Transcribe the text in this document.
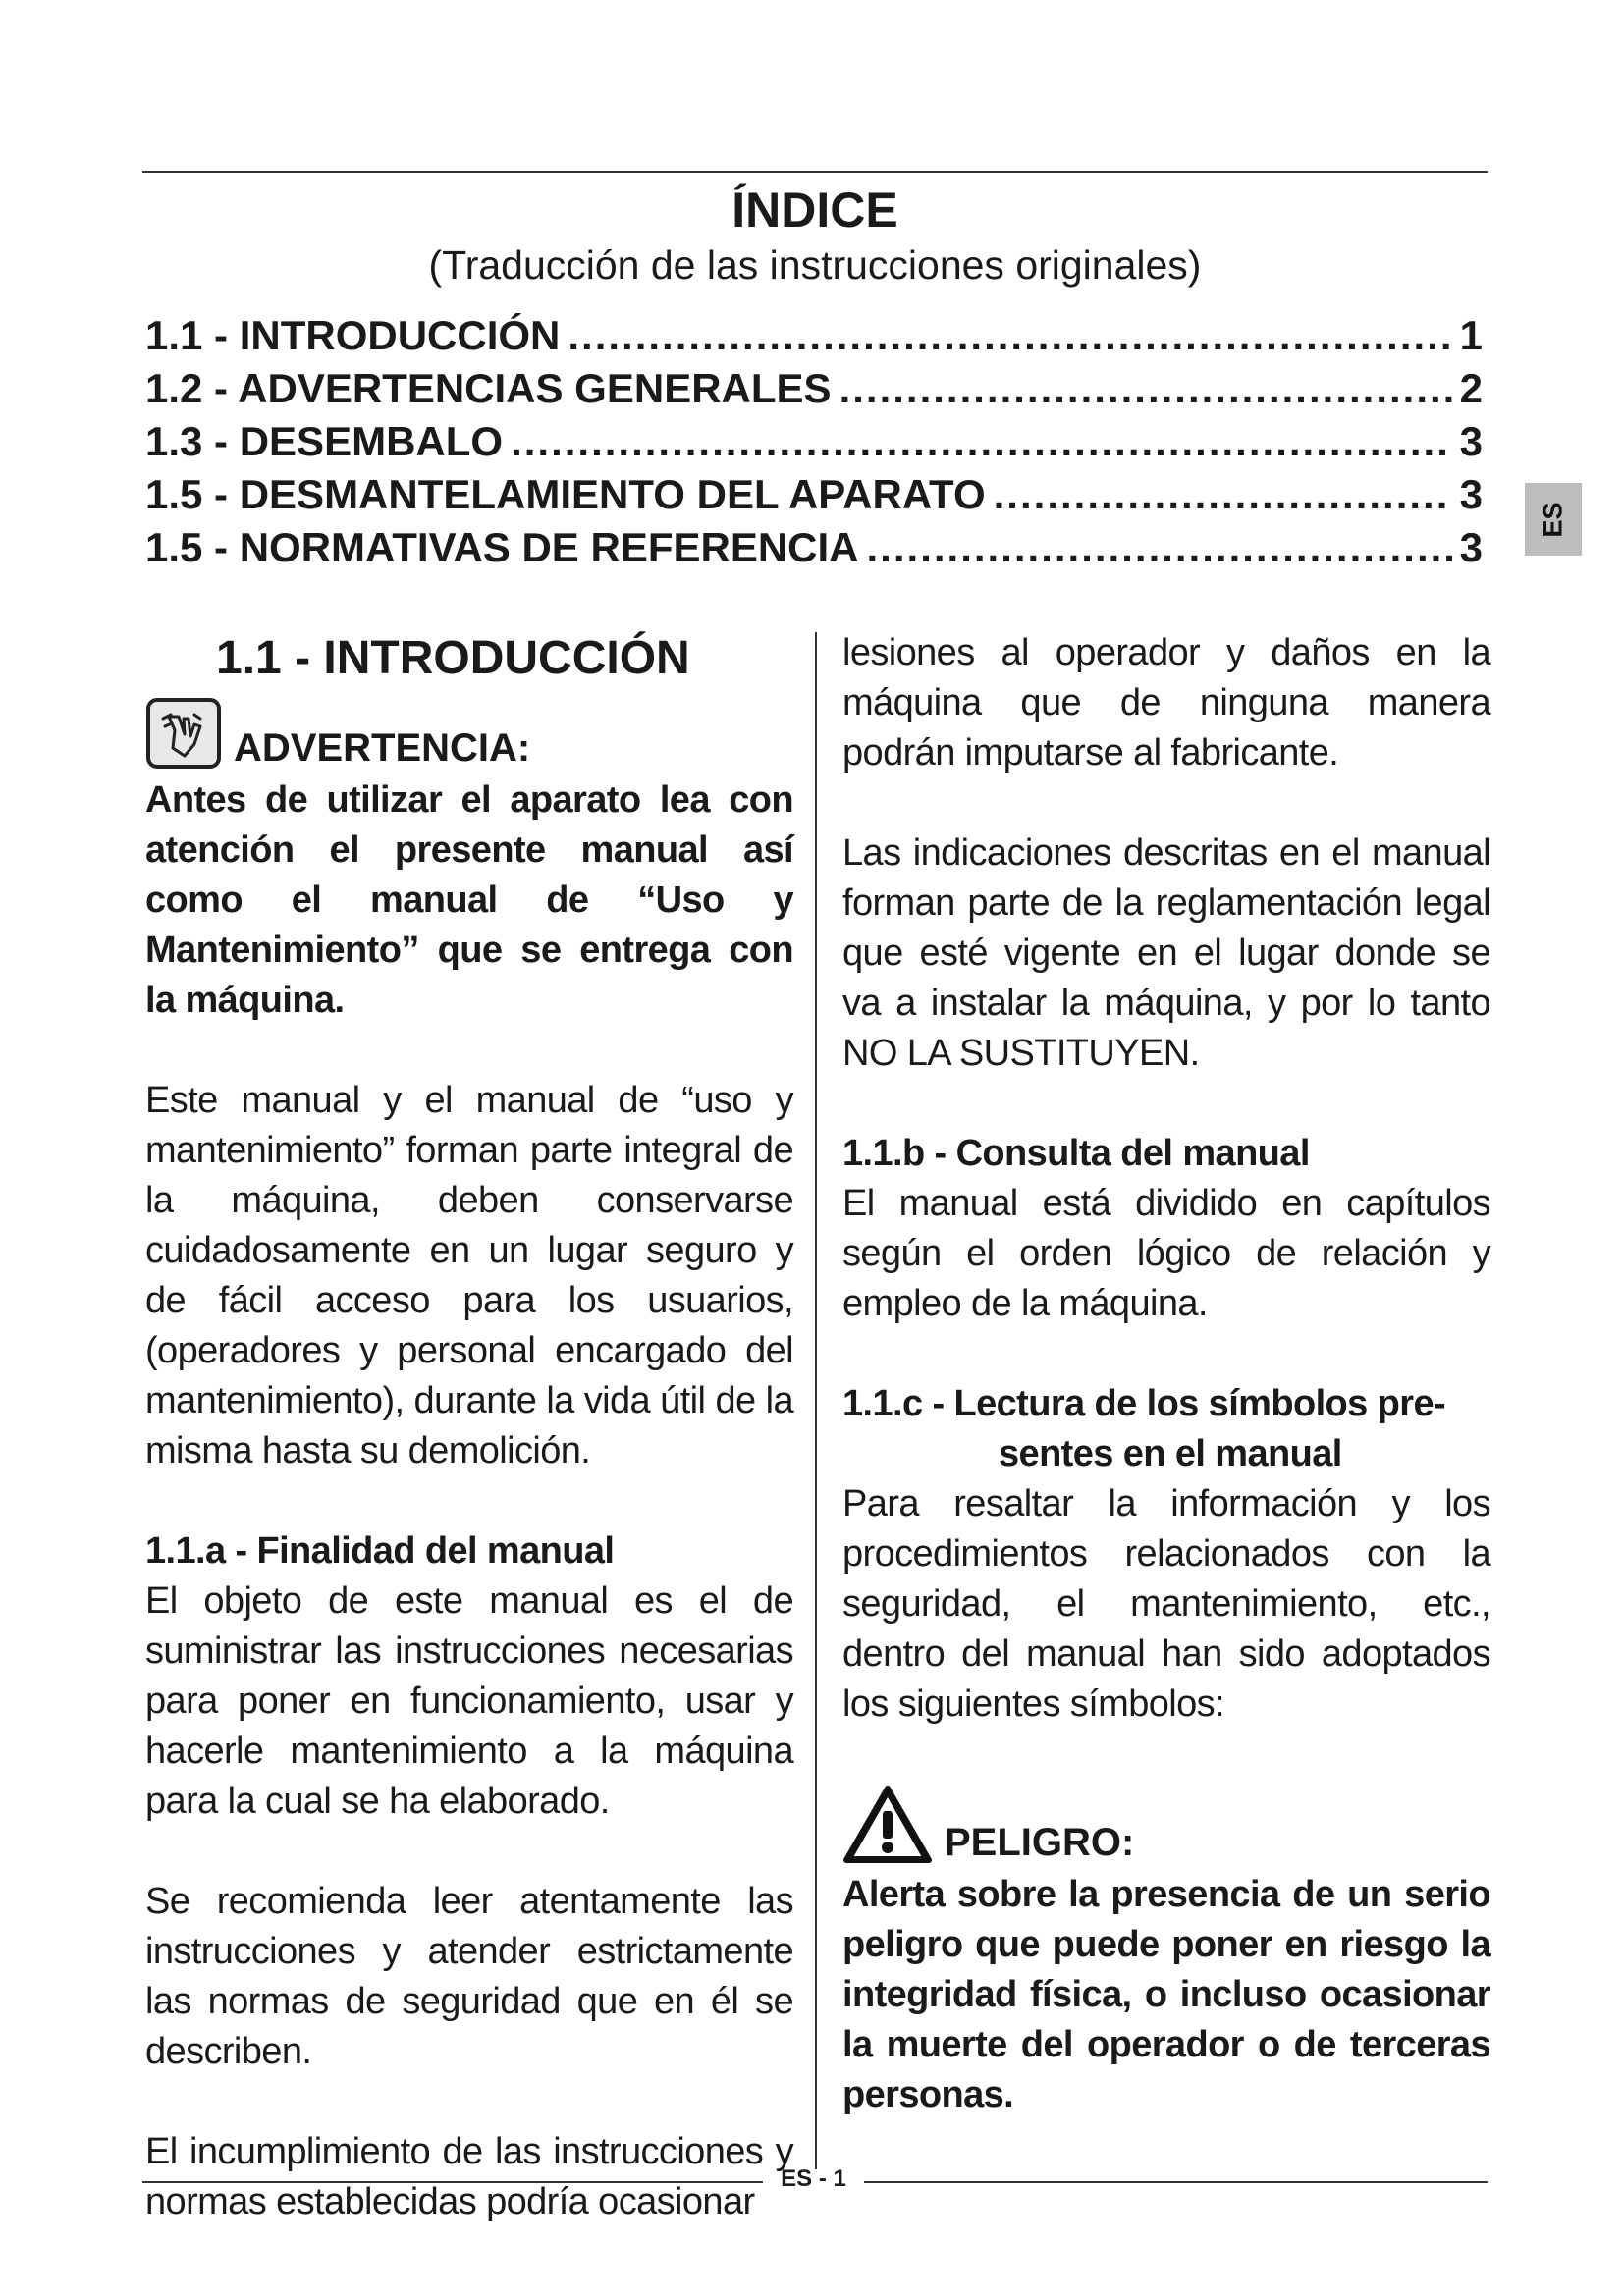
ÍNDICE
(Traducción de las instrucciones originales)
1.1 - INTRODUCCIÓN .....	1
1.2 - ADVERTENCIAS GENERALES .....	2
1.3 - DESEMBALO .....	3
1.5 - DESMANTELAMIENTO DEL APARATO .....	3
1.5 - NORMATIVAS DE REFERENCIA .....	3
ES

1.1 - INTRODUCCIÓN

ADVERTENCIA:

Antes de utilizar el aparato lea con atención el presente manual así como el manual de “Uso y Mantenimiento” que se entrega con la máquina.

Este manual y el manual de “uso y mantenimiento” forman parte integral de la máquina, deben conservarse cuidadosamente en un lugar seguro y de fácil acceso para los usuarios, (operadores y personal encargado del mantenimiento), durante la vida útil de la misma hasta su demolición.

1.1.a - Finalidad del manual

El objeto de este manual es el de suministrar las instrucciones necesarias para poner en funcionamiento, usar y hacerle mantenimiento a la máquina para la cual se ha elaborado.

Se recomienda leer atentamente las instrucciones y atender estrictamente las normas de seguridad que en él se describen.

El incumplimiento de las instrucciones y normas establecidas podría ocasionar

lesiones al operador y daños en la máquina que de ninguna manera podrán imputarse al fabricante.

Las indicaciones descritas en el manual forman parte de la reglamentación legal que esté vigente en el lugar donde se va a instalar la máquina, y por lo tanto NO LA SUSTITUYEN.

1.1.b - Consulta del manual

El manual está dividido en capítulos según el orden lógico de relación y empleo de la máquina.

1.1.c - Lectura de los símbolos pre-

sentes en el manual

Para resaltar la información y los procedimientos relacionados con la seguridad, el mantenimiento, etc., dentro del manual han sido adoptados los siguientes símbolos:

PELIGRO:

Alerta sobre la presencia de un serio peligro que puede poner en riesgo la integridad física, o incluso ocasionar la muerte del operador o de terceras personas.

ES - 1
